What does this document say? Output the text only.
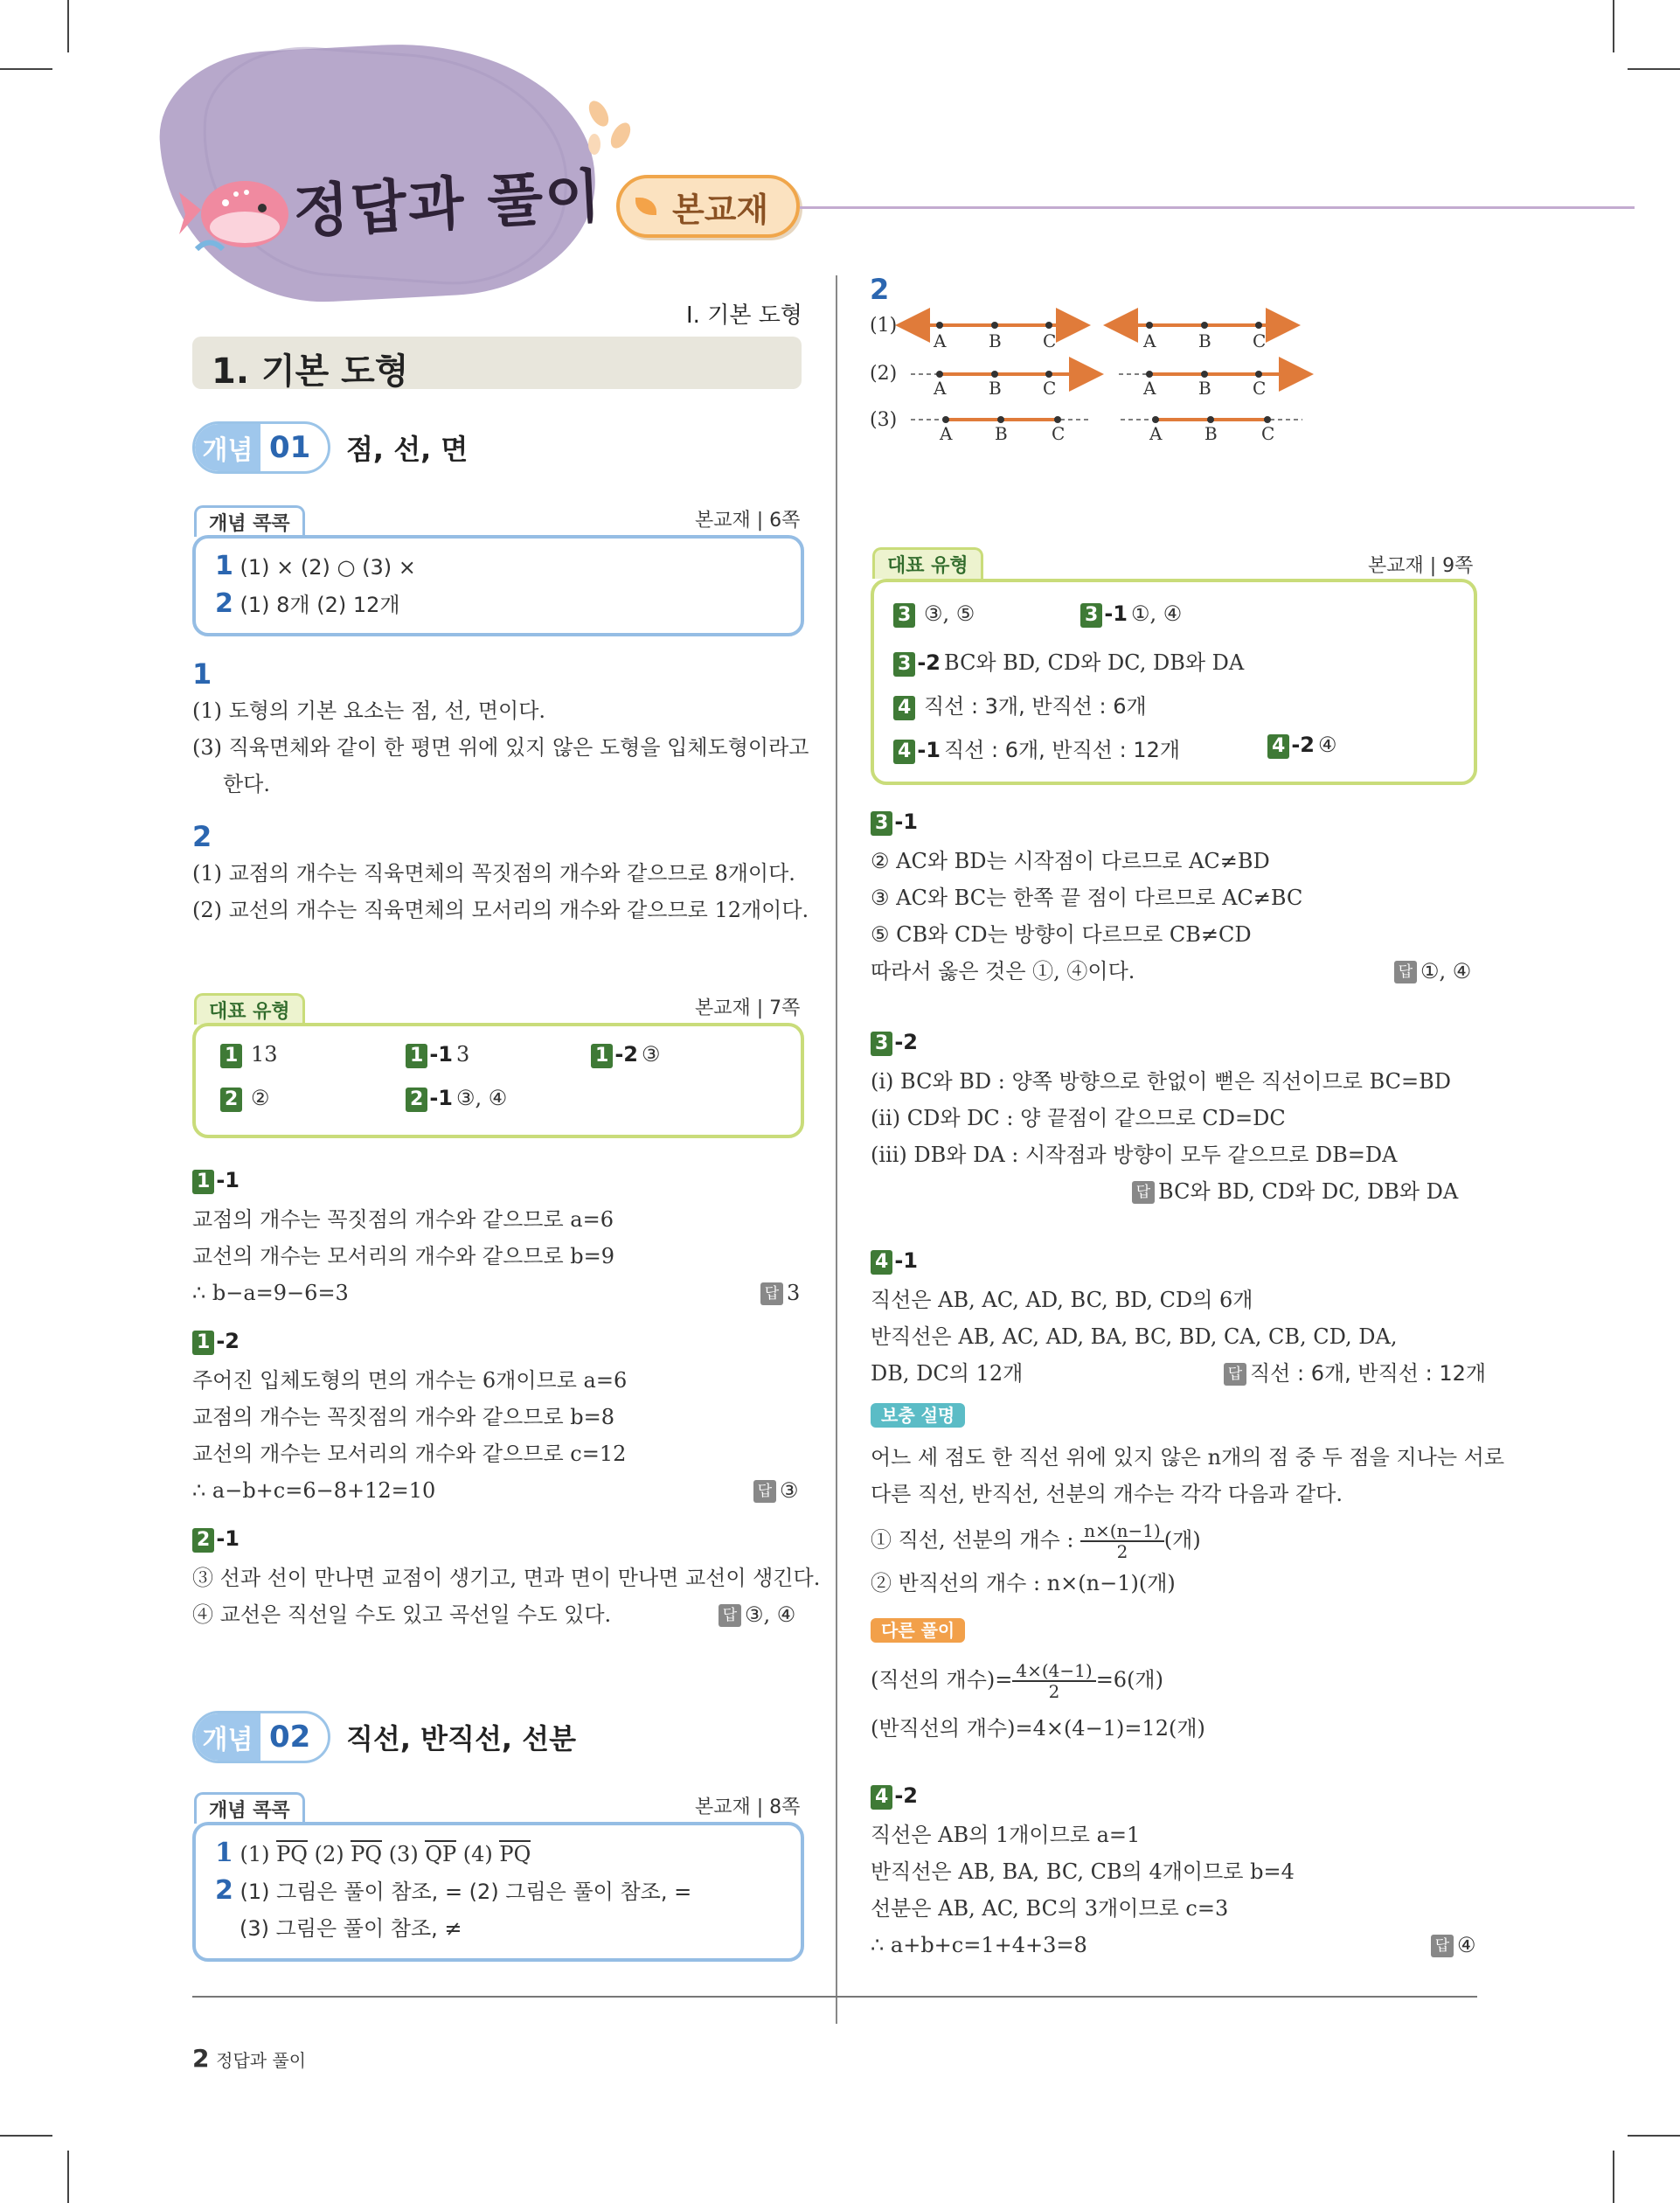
정답과 풀이 본교재
Ⅰ. 기본 도형
1. 기본 도형
개념 01 점, 선, 면
개념 콕콕	본교재 | 6쪽
1 (1) × (2) ○ (3) ×
2 (1) 8개 (2) 12개
1
(1) 도형의 기본 요소는 점, 선, 면이다.
(3) 직육면체와 같이 한 평면 위에 있지 않은 도형을 입체도형이라고
한다.
2
(1) 교점의 개수는 직육면체의 꼭짓점의 개수와 같으므로 8개이다.
(2) 교선의 개수는 직육면체의 모서리의 개수와 같으므로 12개이다.
대표 유형	본교재 | 7쪽
1 13	1 -1 3	1 -2 ③
2 ②	2 -1 ③, ④
1 -1
교점의 개수는 꼭짓점의 개수와 같으므로 a=6
교선의 개수는 모서리의 개수와 같으므로 b=9
∴ b−a=9−6=3	답 3
1 -2
주어진 입체도형의 면의 개수는 6개이므로 a=6
교점의 개수는 꼭짓점의 개수와 같으므로 b=8
교선의 개수는 모서리의 개수와 같으므로 c=12
∴ a−b+c=6−8+12=10	답 ③
2 -1
③ 선과 선이 만나면 교점이 생기고, 면과 면이 만나면 교선이 생긴다.
④ 교선은 직선일 수도 있고 곡선일 수도 있다.	답 ③, ④
개념 02 직선, 반직선, 선분
개념 콕콕	본교재 | 8쪽
1 (1) PQ (2) PQ (3) QP (4) PQ
2 (1) 그림은 풀이 참조, = (2) 그림은 풀이 참조, =
(3) 그림은 풀이 참조, ≠
2
(1)
(2)
(3)
A B C	A B C
A B C	A B C
A B	C	A B	C
대표 유형	본교재 | 9쪽
3 ③, ⑤	3 -1 ①, ④
3 -2 BC와 BD, CD와 DC, DB와 DA
4 직선 : 3개, 반직선 : 6개
4 -1 직선 : 6개, 반직선 : 12개	4 -2 ④
3 -1
② AC와 BD는 시작점이 다르므로 AC≠BD
③ AC와 BC는 한쪽 끝 점이 다르므로 AC≠BC
⑤ CB와 CD는 방향이 다르므로 CB≠CD
따라서 옳은 것은 ①, ④이다.	답 ①, ④
3 -2
(ⅰ) BC와 BD : 양쪽 방향으로 한없이 뻗은 직선이므로 BC=BD
(ⅱ) CD와 DC : 양 끝점이 같으므로 CD=DC
(ⅲ) DB와 DA : 시작점과 방향이 모두 같으므로 DB=DA
답 BC와 BD, CD와 DC, DB와 DA
4 -1
직선은 AB, AC, AD, BC, BD, CD의 6개
반직선은 AB, AC, AD, BA, BC, BD, CA, CB, CD, DA,
DB, DC의 12개	답 직선 : 6개, 반직선 : 12개
보충 설명
어느 세 점도 한 직선 위에 있지 않은 n개의 점 중 두 점을 지나는 서로
다른 직선, 반직선, 선분의 개수는 각각 다음과 같다.
① 직선, 선분의 개수 : $\frac{n\times(n-1)}{2}$ (개)
② 반직선의 개수 : n×(n−1)(개)
다른 풀이
(직선의 개수)= $\frac{4\times(4-1)}{2} =6$(개)
(반직선의 개수)=4×(4−1)=12(개)
4 -2
직선은 AB의 1개이므로 a=1
반직선은 AB, BA, BC, CB의 4개이므로 b=4
선분은 AB, AC, BC의 3개이므로 c=3
∴ a+b+c=1+4+3=8	답 ④
2 정답과 풀이
